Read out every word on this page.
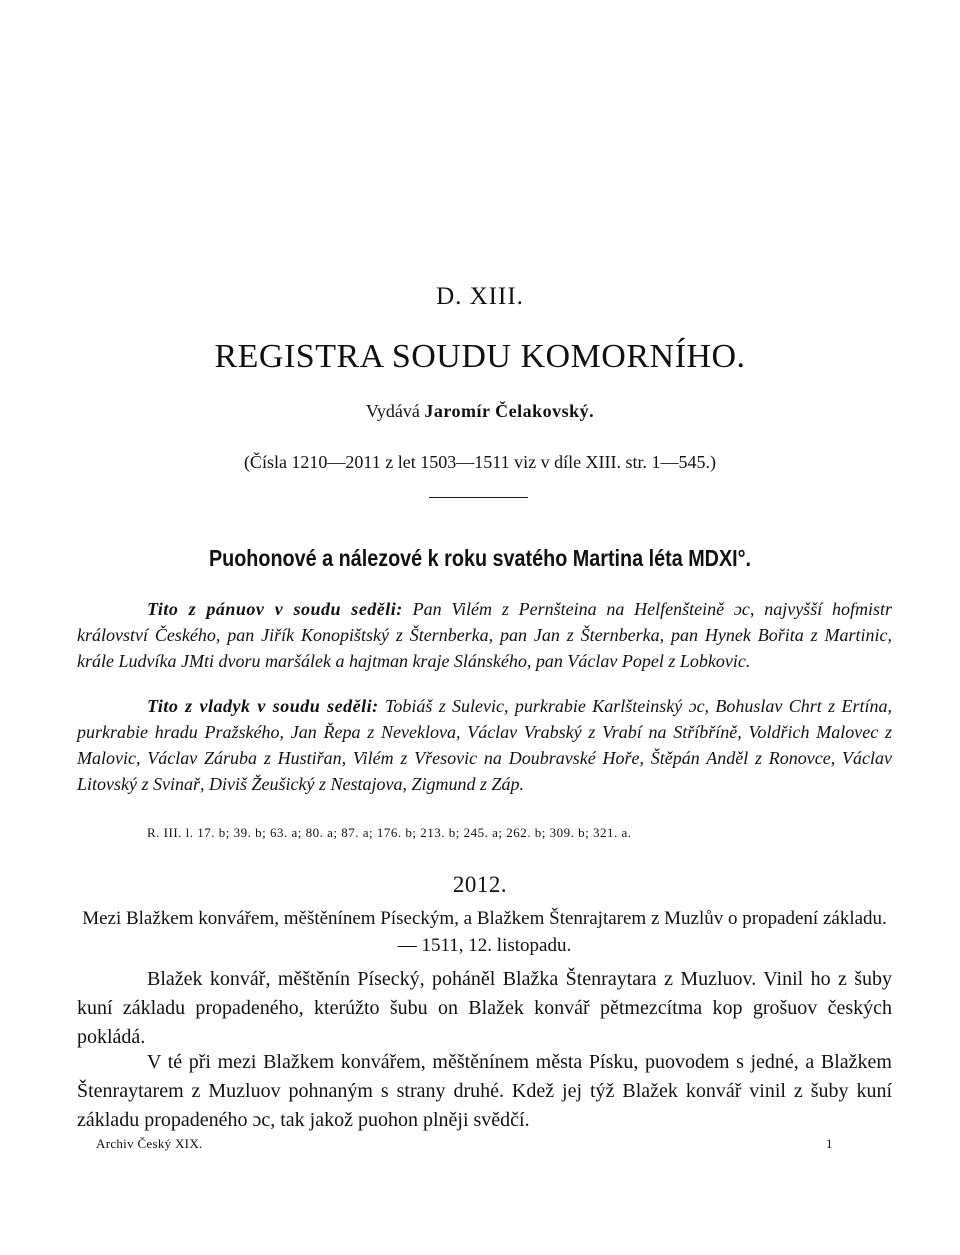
D. XIII.
REGISTRA SOUDU KOMORNÍHO.
Vydává Jaromír Čelakovský.
(Čísla 1210—2011 z let 1503—1511 viz v díle XIII. str. 1—545.)
Puohonové a nálezové k roku svatého Martina léta MDXI°.
Tito z pánuov v soudu seděli: Pan Vilém z Pernšteina na Helfenšteině ɔc, najvyšší hofmistr království Českého, pan Jiřík Konopištský z Šternberka, pan Jan z Šternberka, pan Hynek Bořita z Martinic, krále Ludvíka JMti dvoru maršálek a hajtman kraje Slánského, pan Václav Popel z Lobkovic.
Tito z vladyk v soudu seděli: Tobiáš z Sulevic, purkrabie Karlšteinský ɔc, Bohuslav Chrt z Ertína, purkrabie hradu Pražského, Jan Řepa z Neveklova, Václav Vrabský z Vrabí na Stříbříně, Voldřich Malovec z Malovic, Václav Záruba z Hustiřan, Vilém z Vřesovic na Doubravské Hoře, Štěpán Anděl z Ronovce, Václav Litovský z Svinař, Diviš Žeušický z Nestajova, Zigmund z Záp.
R. III. l. 17. b; 39. b; 63. a; 80. a; 87. a; 176. b; 213. b; 245. a; 262. b; 309. b; 321. a.
2012.
Mezi Blažkem konvářem, měštěnínem Píseckým, a Blažkem Štenrajtarem z Muzlův o propadení základu. — 1511, 12. listopadu.
Blažek konvář, měštěnín Písecký, poháněl Blažka Štenraytara z Muzluov. Vinil ho z šuby kuní základu propadeného, kterúžto šubu on Blažek konvář pětmezcítma kop grošuov českých pokládá.
V té při mezi Blažkem konvářem, měštěnínem města Písku, puovodem s jedné, a Blažkem Štenraytarem z Muzluov pohnaným s strany druhé. Kdež jej týž Blažek konvář vinil z šuby kuní základu propadeného ɔc, tak jakož puohon plněji svědčí.
Archiv Český XIX.	1
